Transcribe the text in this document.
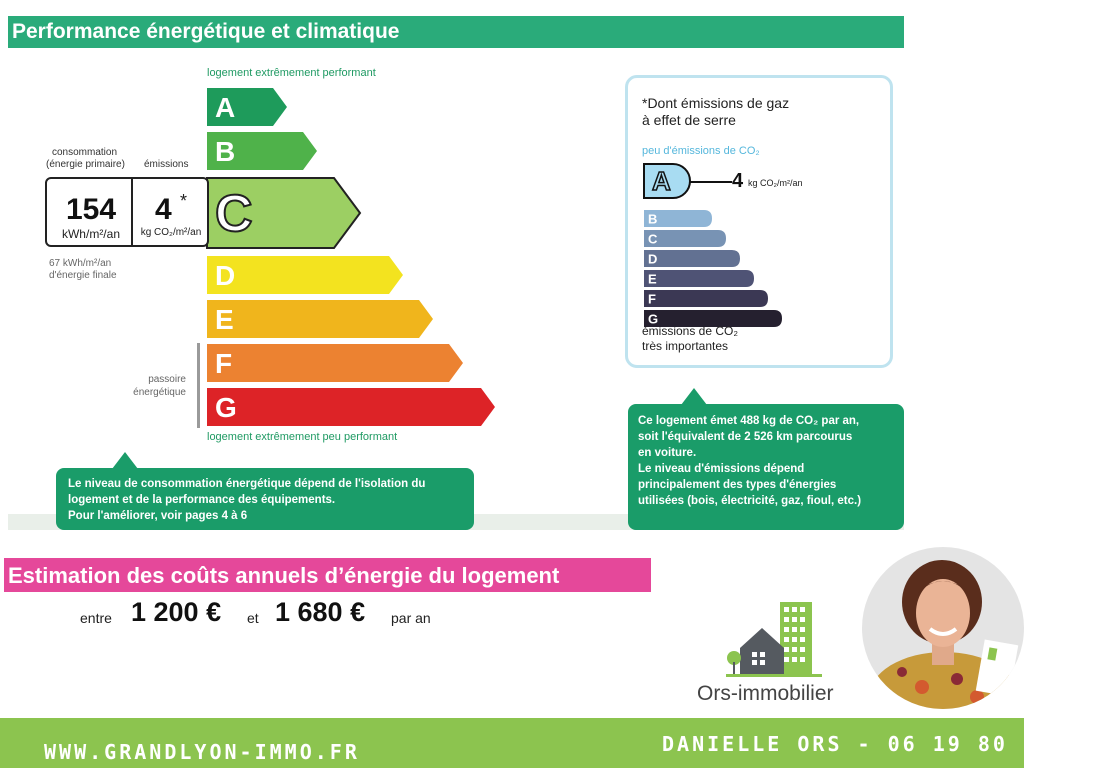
Performance énergétique et climatique
logement extrêmement performant
logement extrêmement peu performant
A
B
C
D
E
F
G
consommation
(énergie primaire) émissions
154
kWh/m²/an
4 *
kg CO₂/m²/an
67 kWh/m²/an
d'énergie finale
passoire
énergétique
Le niveau de consommation énergétique dépend de l'isolation du
logement et de la performance des équipements.
Pour l'améliorer, voir pages 4 à 6
*Dont émissions de gaz
à effet de serre
peu d'émissions de CO₂
A
B
C
D
E
F
G
4 kg CO₂/m²/an
émissions de CO₂
très importantes
Ce logement émet 488 kg de CO₂ par an,
soit l'équivalent de 2 526 km parcourus
en voiture.
Le niveau d'émissions dépend
principalement des types d'énergies
utilisées (bois, électricité, gaz, fioul, etc.)
Estimation des coûts annuels d’énergie du logement
entre 1 200 € et 1 680 € par an
Ors-immobilier
WWW.GRANDLYON-IMMO.FR	DANIELLE ORS - 06 19 80 38 32
